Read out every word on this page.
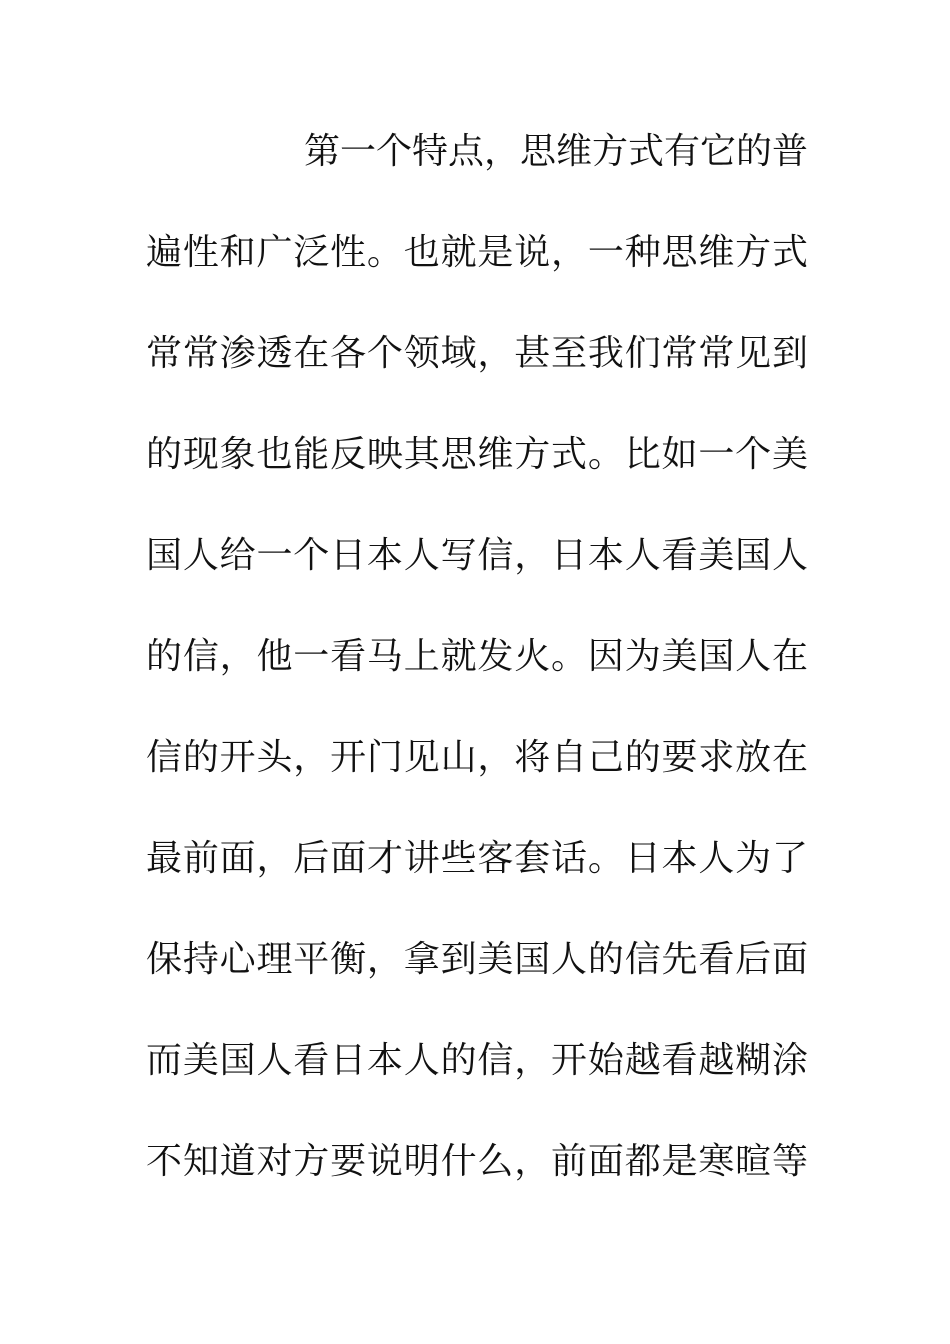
第一个特点，思维方式有它的普
遍性和广泛性。也就是说，一种思维方式
常常渗透在各个领域，甚至我们常常见到
的现象也能反映其思维方式。比如一个美
国人给一个日本人写信，日本人看美国人
的信，他一看马上就发火。因为美国人在
信的开头，开门见山，将自己的要求放在
最前面，后面才讲些客套话。日本人为了
保持心理平衡，拿到美国人的信先看后面
而美国人看日本人的信，开始越看越糊涂
不知道对方要说明什么，前面都是寒暄等
